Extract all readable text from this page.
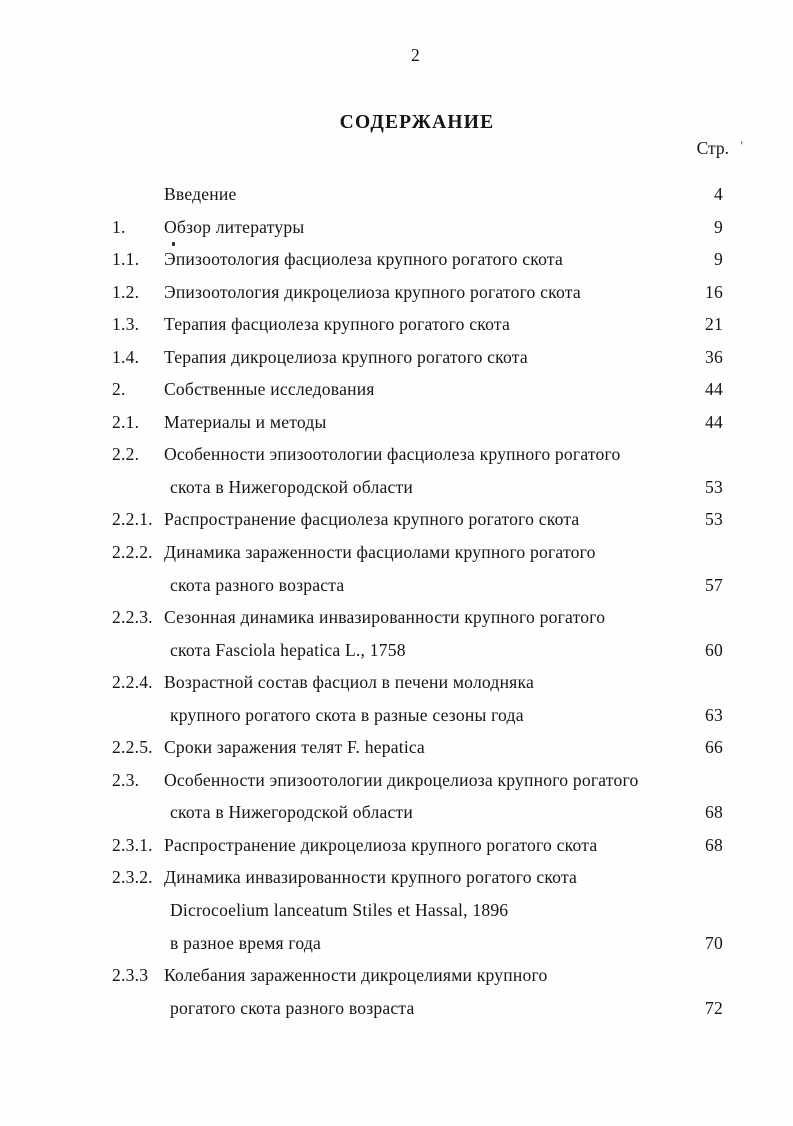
2
СОДЕРЖАНИЕ
Стр. '
Введение	4
1.	Обзор литературы	9
1.1.	Эпизоотология фасциолеза крупного рогатого скота	9
1.2.	Эпизоотология дикроцелиоза крупного рогатого скота	16
1.3.	Терапия фасциолеза крупного рогатого скота	21
1.4.	Терапия дикроцелиоза крупного рогатого скота	36
2.	Собственные исследования	44
2.1.	Материалы и методы	44
2.2.	Особенности эпизоотологии фасциолеза крупного рогатого
скота в Нижегородской области	53
2.2.1. Распространение фасциолеза крупного рогатого скота	53
2.2.2. Динамика зараженности фасциолами крупного рогатого
скота разного возраста	57
2.2.3. Сезонная динамика инвазированности крупного рогатого
скота Fasciola hepatica L., 1758	60
2.2.4. Возрастной состав фасциол в печени молодняка
крупного рогатого скота в разные сезоны года	63
2.2.5. Сроки заражения телят F. hepatica	66
2.3.	Особенности эпизоотологии дикроцелиоза крупного рогатого
скота в Нижегородской области	68
2.3.1. Распространение дикроцелиоза крупного рогатого скота	68
2.3.2. Динамика инвазированности крупного рогатого скота
Dicrocoelium lanceatum Stiles et Hassal, 1896
в разное время года	70
2.3.3 Колебания зараженности дикроцелиями крупного
рогатого скота разного возраста	72
